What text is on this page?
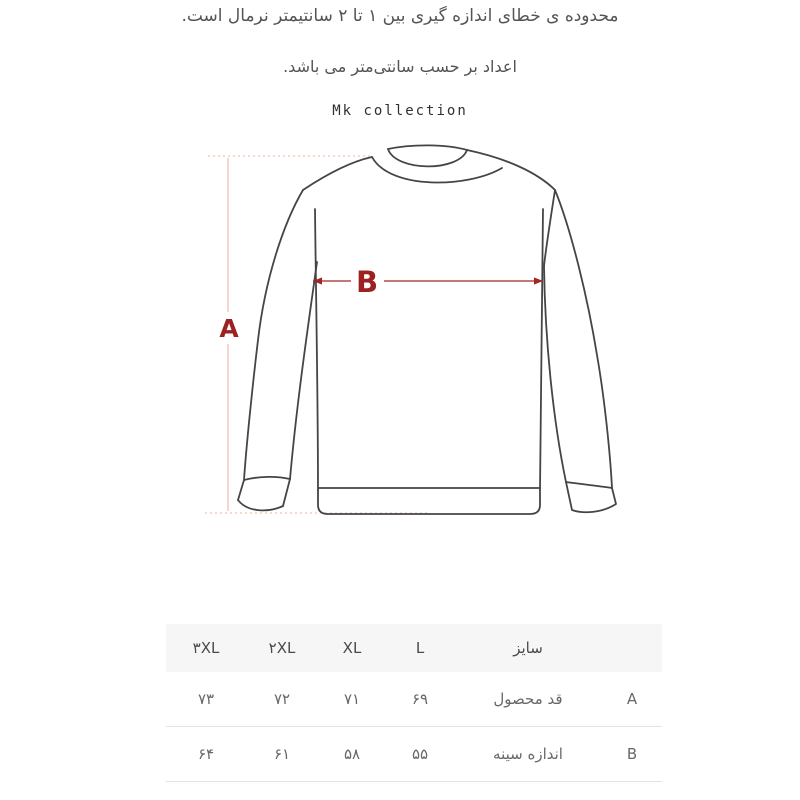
محدوده ی خطای اندازه گیری بین ۱ تا ۲ سانتیمتر نرمال است.
اعداد بر حسب سانتی‌متر می باشد.
Mk collection
A
B
سایز
L
XL
۲XL
۳XL
A
قد محصول
۶۹
۷۱
۷۲
۷۳
B
اندازه سینه
۵۵
۵۸
۶۱
۶۴
